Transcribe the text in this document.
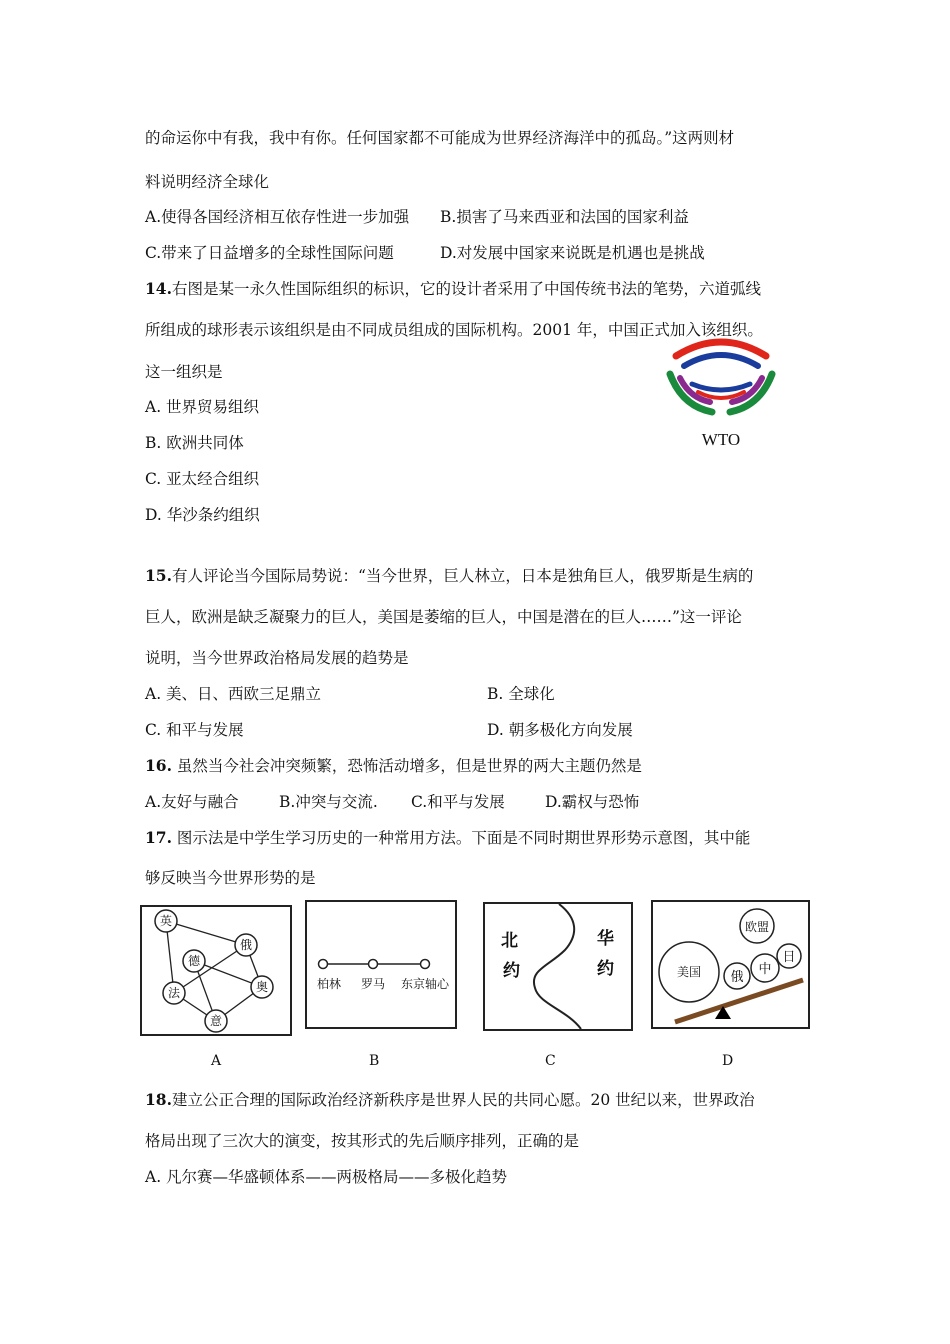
的命运你中有我，我中有你。任何国家都不可能成为世界经济海洋中的孤岛。”这两则材
料说明经济全球化
A.使得各国经济相互依存性进一步加强 B.损害了马来西亚和法国的国家利益
C.带来了日益增多的全球性国际问题	D.对发展中国家来说既是机遇也是挑战
14.右图是某一永久性国际组织的标识，它的设计者采用了中国传统书法的笔势，六道弧线
所组成的球形表示该组织是由不同成员组成的国际机构。2001 年，中国正式加入该组织。
这一组织是
A. 世界贸易组织
B. 欧洲共同体
C. 亚太经合组织
D. 华沙条约组织
WTO
15.有人评论当今国际局势说：“当今世界，巨人林立，日本是独角巨人，俄罗斯是生病的
巨人，欧洲是缺乏凝聚力的巨人，美国是萎缩的巨人，中国是潜在的巨人……”这一评论
说明，当今世界政治格局发展的趋势是
A. 美、日、西欧三足鼎立	B. 全球化
C. 和平与发展	D. 朝多极化方向发展
16. 虽然当今社会冲突频繁，恐怖活动增多，但是世界的两大主题仍然是
A.友好与融合	B.冲突与交流. C.和平与发展	D.霸权与恐怖
17. 图示法是中学生学习历史的一种常用方法。下面是不同时期世界形势示意图，其中能
够反映当今世界形势的是
英
俄
德
法	奥
意
A
柏林 罗马 东京轴心
B
北
约
华
约
C
美国 俄
中
欧盟
日
D
18.建立公正合理的国际政治经济新秩序是世界人民的共同心愿。20 世纪以来，世界政治
格局出现了三次大的演变，按其形式的先后顺序排列，正确的是
A. 凡尔赛—华盛顿体系——两极格局——多极化趋势
